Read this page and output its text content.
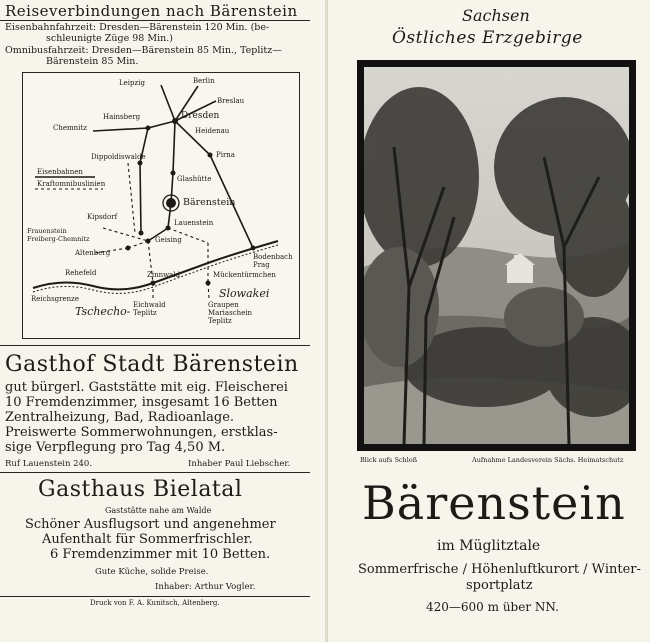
Reiseverbindungen nach Bärenstein
Eisenbahnfahrzeit: Dresden—Bärenstein 120 Min. (be-
schleunigte Züge 98 Min.)
Omnibusfahrzeit: Dresden—Bärenstein 85 Min., Teplitz—
Bärenstein 85 Min.
Leipzig	Berlin
Breslau
Dresden
Hainsberg
Chemnitz	Heidenau
Dippoldiswalde	Pirna
Glashütte
Kipsdorf
Bärenstein
Lauenstein
Frauenstein Freiberg-Chemnitz
Altenberg
Geising
Bodenbach Prag
Rehefeld	Zinnwald	Mückentürmchen
Reichsgrenze
Eichwald Teplitz
Graupen Mariaschein Teplitz
Eisenbahnen
Kraftomnibuslinien
Tschecho-
Slowakei
Gasthof Stadt Bärenstein
gut bürgerl. Gaststätte mit eig. Fleischerei
10 Fremdenzimmer, insgesamt 16 Betten
Zentralheizung, Bad, Radioanlage.
Preiswerte Sommerwohnungen, erstklas-
sige Verpflegung pro Tag 4,50 M.
Ruf Lauenstein 240.	Inhaber Paul Liebscher.
Gasthaus Bielatal
Gaststätte nahe am Walde
Schöner Ausflugsort und angenehmer
Aufenthalt für Sommerfrischler.
6 Fremdenzimmer mit 10 Betten.
Gute Küche, solide Preise.
Inhaber: Arthur Vogler.
Druck von F. A. Kunitsch, Altenberg.
Sachsen
Östliches Erzgebirge
Blick aufs Schloß	Aufnahme Landesverein Sächs. Heimatschutz
Bärenstein
im Müglitztale
Sommerfrische / Höhenluftkurort / Winter-
sportplatz
420—600 m über NN.
